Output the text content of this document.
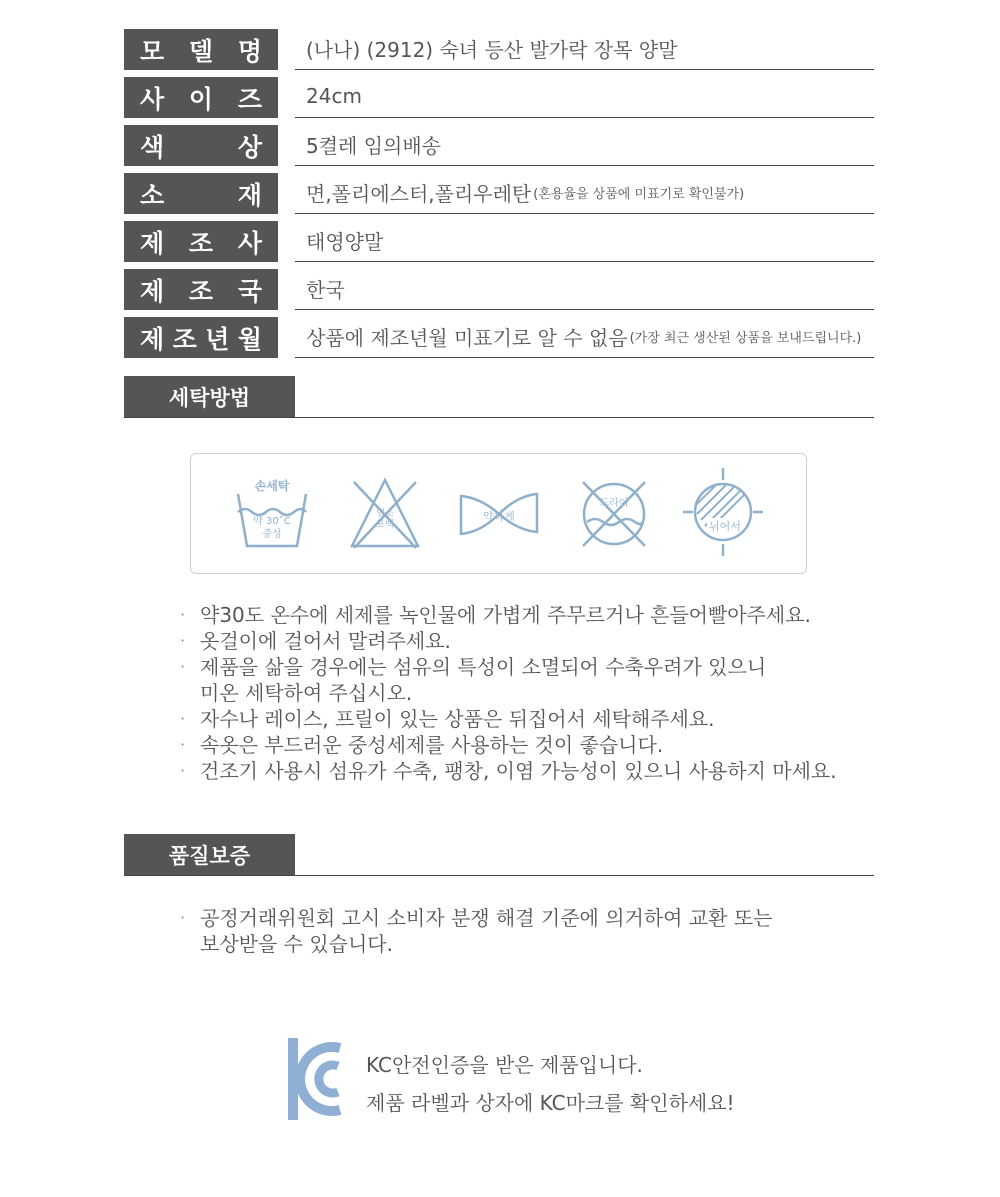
모 델 명 (나나) (2912) 숙녀 등산 발가락 장목 양말
사 이 즈 24cm
색	상 5켤레 임의배송
소	재 면,폴리에스터,폴리우레탄 (혼용율을 상품에 미표기로 확인불가)
제 조 사 태영양말
제 조 국 한국
제 조 년 월 상품에 제조년월 미표기로 알 수 없음 (가장 최근 생산된 상품을 보내드립니다.)
세탁방법
손세탁
약 30˚C
중성
염소
표백
약하게
드라이
뉘어서
· 약30도 온수에 세제를 녹인물에 가볍게 주무르거나 흔들어빨아주세요.
· 옷걸이에 걸어서 말려주세요.
· 제품을 삶을 경우에는 섬유의 특성이 소멸되어 수축우려가 있으니
미온 세탁하여 주십시오.
· 자수나 레이스, 프릴이 있는 상품은 뒤집어서 세탁해주세요.
· 속옷은 부드러운 중성세제를 사용하는 것이 좋습니다.
· 건조기 사용시 섬유가 수축, 팽창, 이염 가능성이 있으니 사용하지 마세요.
품질보증
· 공정거래위원회 고시 소비자 분쟁 해결 기준에 의거하여 교환 또는
보상받을 수 있습니다.
KC안전인증을 받은 제품입니다.
제품 라벨과 상자에 KC마크를 확인하세요!
